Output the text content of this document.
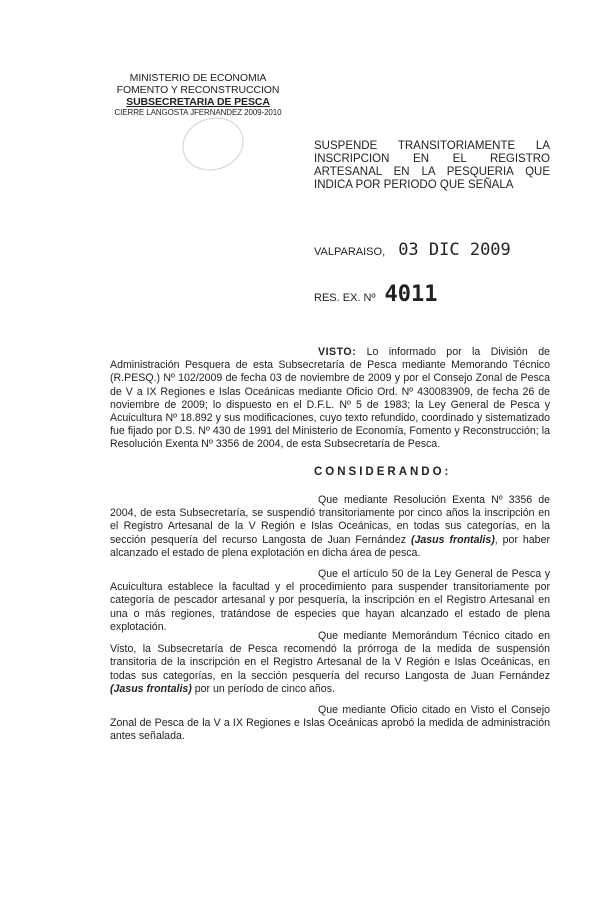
MINISTERIO DE ECONOMIA
FOMENTO Y RECONSTRUCCION
SUBSECRETARIA DE PESCA
CIERRE LANGOSTA JFERNANDEZ 2009-2010
SUSPENDE TRANSITORIAMENTE LA INSCRIPCION EN EL REGISTRO ARTESANAL EN LA PESQUERIA QUE INDICA POR PERIODO QUE SEÑALA
VALPARAISO, 03 DIC 2009
RES. EX. Nº 4011
VISTO: Lo informado por la División de Administración Pesquera de esta Subsecretaría de Pesca mediante Memorando Técnico (R.PESQ.) Nº 102/2009 de fecha 03 de noviembre de 2009 y por el Consejo Zonal de Pesca de V a IX Regiones e Islas Oceánicas mediante Oficio Ord. Nº 430083909, de fecha 26 de noviembre de 2009; lo dispuesto en el D.F.L. Nº 5 de 1983; la Ley General de Pesca y Acuicultura Nº 18.892 y sus modificaciones, cuyo texto refundido, coordinado y sistematizado fue fijado por D.S. Nº 430 de 1991 del Ministerio de Economía, Fomento y Reconstrucción; la Resolución Exenta Nº 3356 de 2004, de esta Subsecretaría de Pesca.
CONSIDERANDO:
Que mediante Resolución Exenta Nº 3356 de 2004, de esta Subsecretaría, se suspendió transitoriamente por cinco años la inscripción en el Registro Artesanal de la V Región e Islas Oceánicas, en todas sus categorías, en la sección pesquería del recurso Langosta de Juan Fernández (Jasus frontalis), por haber alcanzado el estado de plena explotación en dicha área de pesca.
Que el artículo 50 de la Ley General de Pesca y Acuicultura establece la facultad y el procedimiento para suspender transitoriamente por categoría de pescador artesanal y por pesquería, la inscripción en el Registro Artesanal en una o más regiones, tratándose de especies que hayan alcanzado el estado de plena explotación.
Que mediante Memorándum Técnico citado en Visto, la Subsecretaría de Pesca recomendó la prórroga de la medida de suspensión transitoria de la inscripción en el Registro Artesanal de la V Región e Islas Oceánicas, en todas sus categorías, en la sección pesquería del recurso Langosta de Juan Fernández (Jasus frontalis) por un período de cinco años.
Que mediante Oficio citado en Visto el Consejo Zonal de Pesca de la V a IX Regiones e Islas Oceánicas aprobó la medida de administración antes señalada.
